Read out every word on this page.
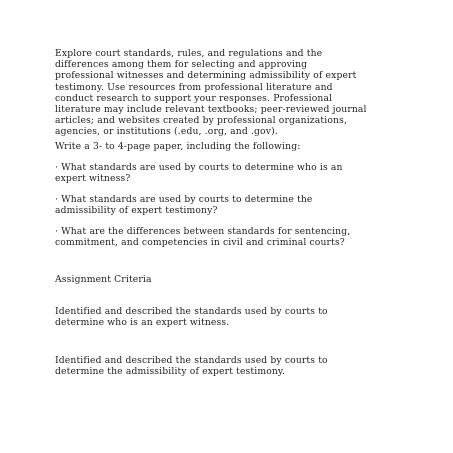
Explore court standards, rules, and regulations and the
differences among them for selecting and approving
professional witnesses and determining admissibility of expert
testimony. Use resources from professional literature and
conduct research to support your responses. Professional
literature may include relevant textbooks; peer-reviewed journal
articles; and websites created by professional organizations,
agencies, or institutions (.edu, .org, and .gov).

Write a 3- to 4-page paper, including the following:

· What standards are used by courts to determine who is an
expert witness?

· What standards are used by courts to determine the
admissibility of expert testimony?

· What are the differences between standards for sentencing,
commitment, and competencies in civil and criminal courts?

Assignment Criteria

Identified and described the standards used by courts to
determine who is an expert witness.

Identified and described the standards used by courts to
determine the admissibility of expert testimony.
